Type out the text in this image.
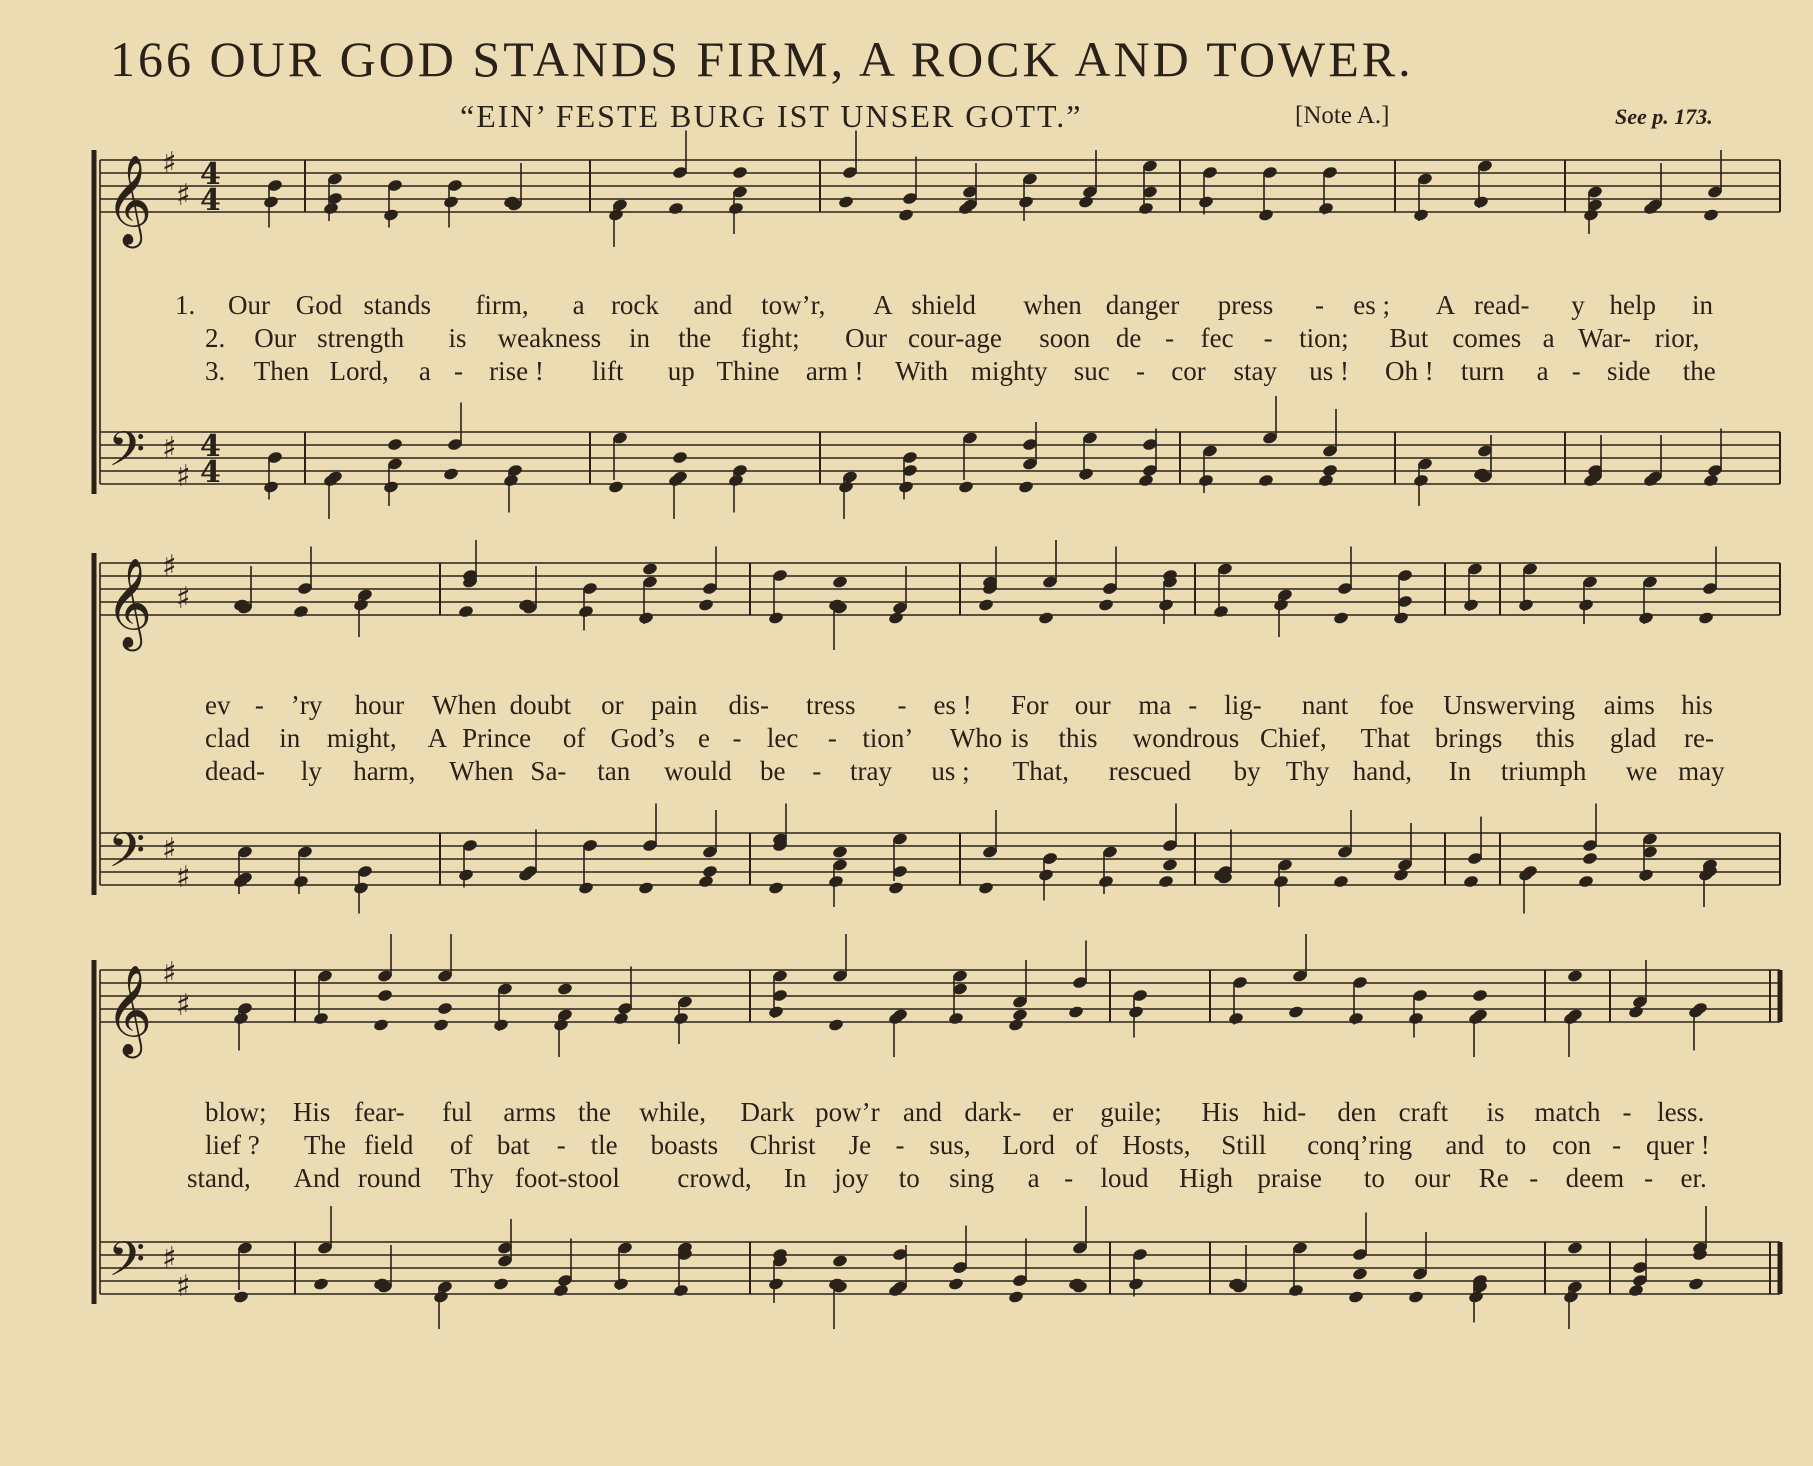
166 OUR GOD STANDS FIRM, A ROCK AND TOWER.
“EIN’ FESTE BURG IST UNSER GOTT.”	[Note A.]	See p. 173.
𝄞 ♯
♯
4
4
𝄢 ♯
♯
4
4
𝄞 ♯
♯
𝄢 ♯
♯
𝄞 ♯
♯
𝄢 ♯
♯
1. Our God stands firm, a rock and tow’r, A shield when danger press - es ; A read- y help in
2. Our strength is weakness in the fight; Our cour-age soon de - fec - tion; But comes a War- rior,
3. Then Lord, a - rise ! lift up Thine arm ! With mighty suc - cor stay us ! Oh ! turn a - side the
ev - ’ry hour When doubt or pain dis- tress - es ! For our ma - lig- nant foe Unswerving aims his
clad in might, A Prince of God’s e - lec - tion’ Who is this wondrous Chief, That brings this glad re-
dead- ly harm, When Sa- tan would be - tray us ; That, rescued by Thy hand, In triumph we may
blow; His fear- ful arms the while, Dark pow’r and dark- er guile; His hid- den craft is match - less.
lief ? The field of bat - tle boasts Christ Je - sus, Lord of Hosts, Still conq’ring and to con - quer !
stand, And round Thy foot-stool crowd, In joy to sing a - loud High praise to our Re - deem - er.
